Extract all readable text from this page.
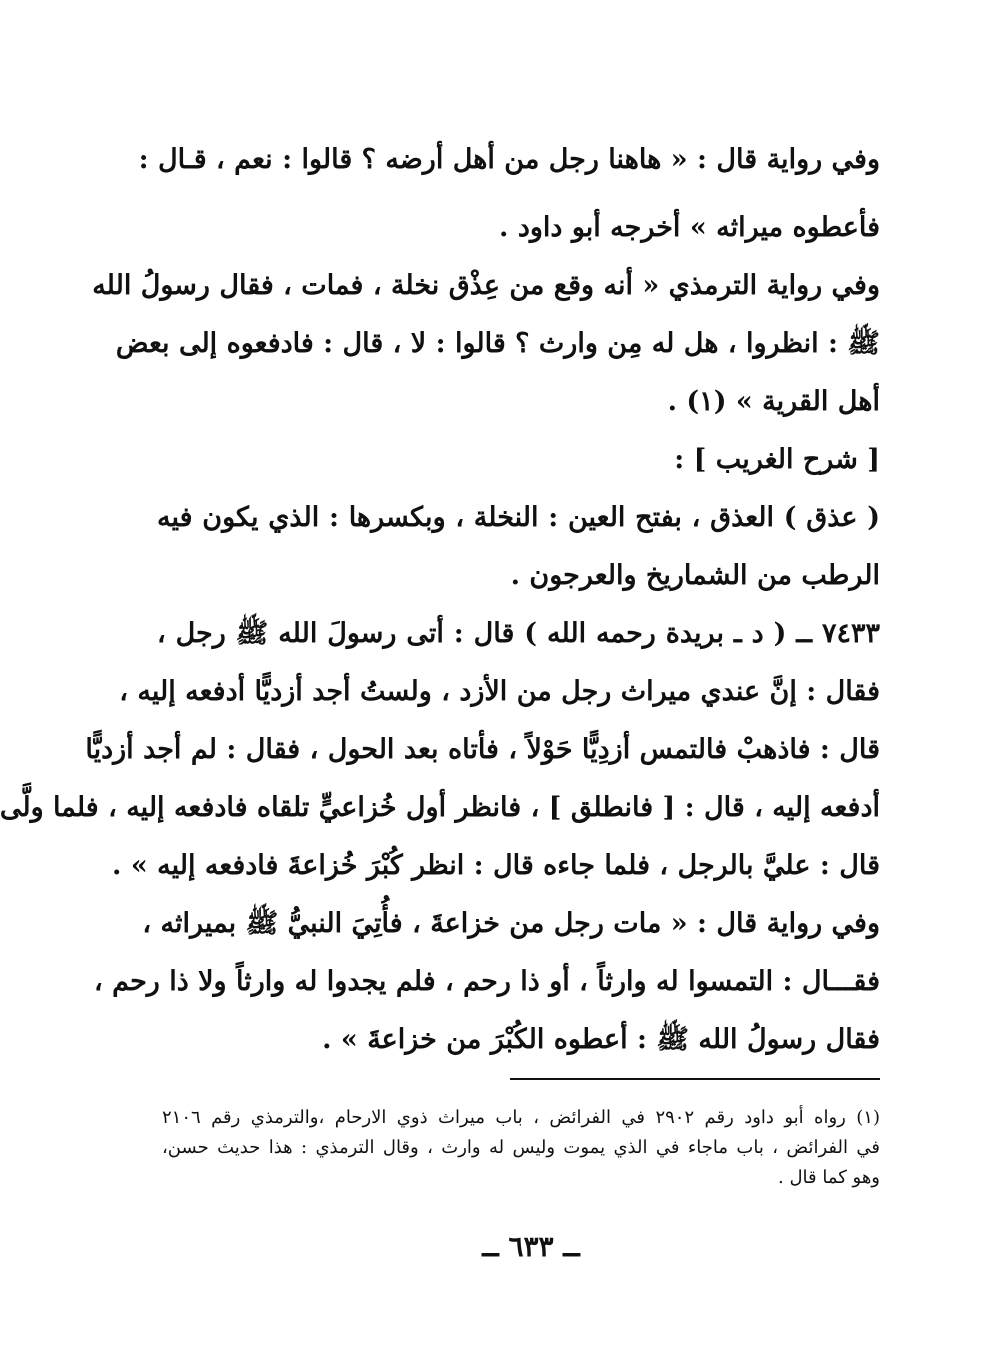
وفي رواية قال : « هاهنا رجل من أهل أرضه ؟ قالوا : نعم ، قـال :
فأعطوه ميراثه » أخرجه أبو داود .
وفي رواية الترمذي « أنه وقع من عِذْق نخلة ، فمات ، فقال رسولُ الله
ﷺ : انظروا ، هل له مِن وارث ؟ قالوا : لا ، قال : فادفعوه إلى بعض
أهل القرية » (١) .
[ شرح الغريب ] :
( عذق ) العذق ، بفتح العين : النخلة ، وبكسرها : الذي يكون فيه
الرطب من الشماريخ والعرجون .
٧٤٣٣ ــ ( د ـ بريدة رحمه الله ) قال : أتى رسولَ الله ﷺ رجل ،
فقال : إنَّ عندي ميراث رجل من الأزد ، ولستُ أجد أزديًّا أدفعه إليه ،
قال : فاذهبْ فالتمس أزدِيًّا حَوْلاً ، فأتاه بعد الحول ، فقال : لم أجد أزديًّا
أدفعه إليه ، قال : [ فانطلق ] ، فانظر أول خُزاعيٍّ تلقاه فادفعه إليه ، فلما ولَّى
قال : عليَّ بالرجل ، فلما جاءه قال : انظر كُبْرَ خُزاعةَ فادفعه إليه » .
وفي رواية قال : « مات رجل من خزاعةَ ، فأُتِيَ النبيُّ ﷺ بميراثه ،
فقـــال : التمسوا له وارثاً ، أو ذا رحم ، فلم يجدوا له وارثاً ولا ذا رحم ،
فقال رسولُ الله ﷺ : أعطوه الكُبْرَ من خزاعةَ » .
(١) رواه أبو داود رقم ٢٩٠٢ في الفرائض ، باب ميراث ذوي الارحام ،والترمذي رقم ٢١٠٦
في الفرائض ، باب ماجاء في الذي يموت وليس له وارث ، وقال الترمذي : هذا حديث حسن،
وهو كما قال .
ــ ٦٣٣ ــ
